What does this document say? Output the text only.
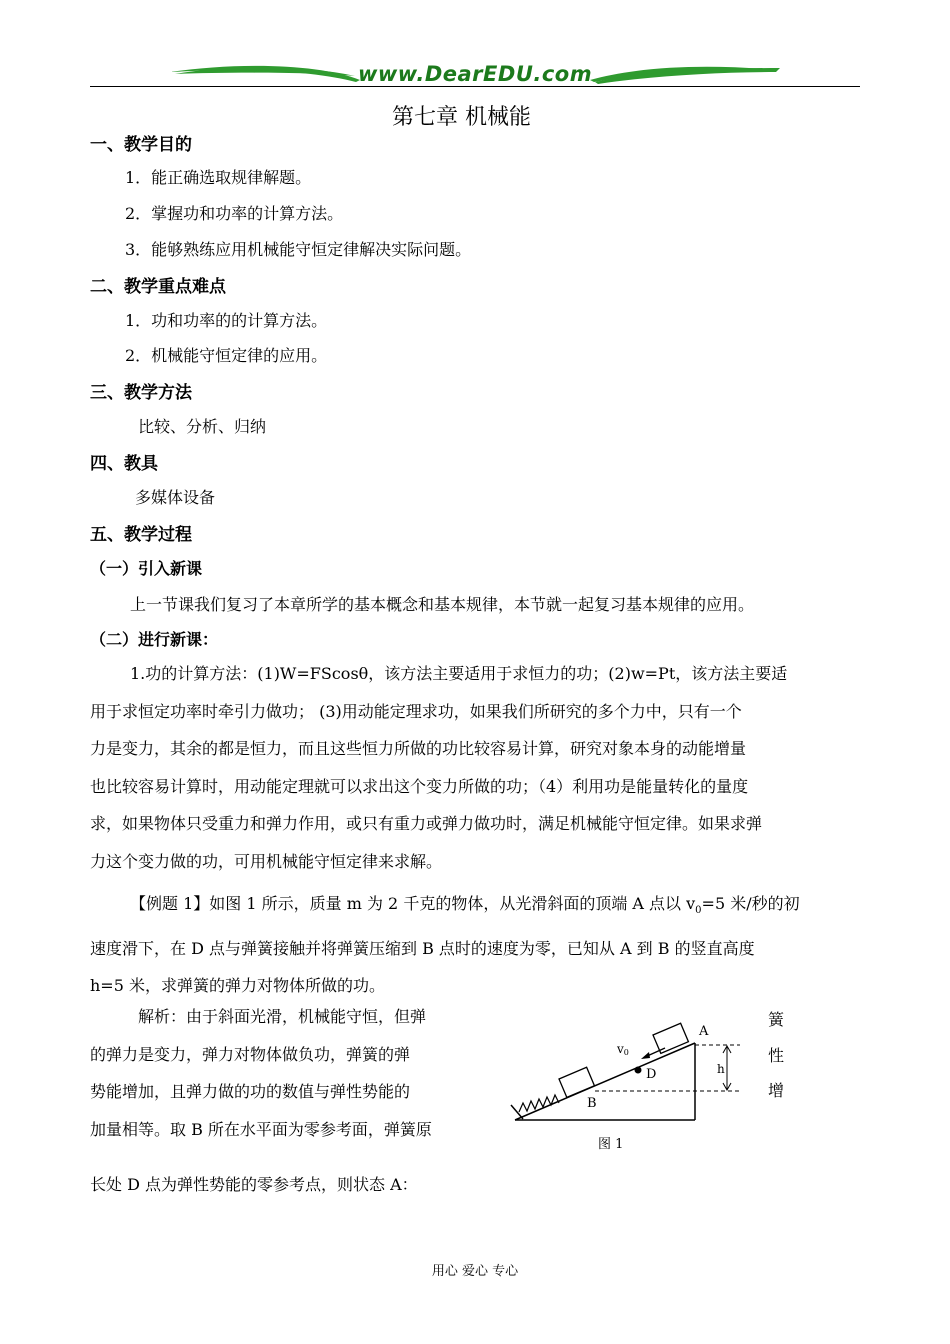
www.DearEDU.com
第七章 机械能
一、教学目的
1．能正确选取规律解题。
2．掌握功和功率的计算方法。
3．能够熟练应用机械能守恒定律解决实际问题。
二、教学重点难点
1．功和功率的的计算方法。
2．机械能守恒定律的应用。
三、教学方法
比较、分析、归纳
四、教具
多媒体设备
五、教学过程
（一）引入新课
上一节课我们复习了本章所学的基本概念和基本规律，本节就一起复习基本规律的应用。
（二）进行新课：
1.功的计算方法：(1)W=FScosθ，该方法主要适用于求恒力的功；(2)w=Pt，该方法主要适
用于求恒定功率时牵引力做功； (3)用动能定理求功，如果我们所研究的多个力中，只有一个
力是变力，其余的都是恒力，而且这些恒力所做的功比较容易计算，研究对象本身的动能增量
也比较容易计算时，用动能定理就可以求出这个变力所做的功；（4）利用功是能量转化的量度
求，如果物体只受重力和弹力作用，或只有重力或弹力做功时，满足机械能守恒定律。如果求弹
力这个变力做的功，可用机械能守恒定律来求解。
【例题 1】如图 1 所示，质量 m 为 2 千克的物体，从光滑斜面的顶端 A 点以 $v_0=5$ 米/秒的初
速度滑下，在 D 点与弹簧接触并将弹簧压缩到 B 点时的速度为零，已知从 A 到 B 的竖直高度
h=5 米，求弹簧的弹力对物体所做的功。
解析：由于斜面光滑，机械能守恒，但弹
的弹力是变力，弹力对物体做负功，弹簧的弹
势能增加，且弹力做的功的数值与弹性势能的
加量相等。取 B 所在水平面为零参考面，弹簧原
簧
性
增
A
B
D	h
v0
图 1
长处 D 点为弹性势能的零参考点，则状态 A：
用心 爱心 专心
